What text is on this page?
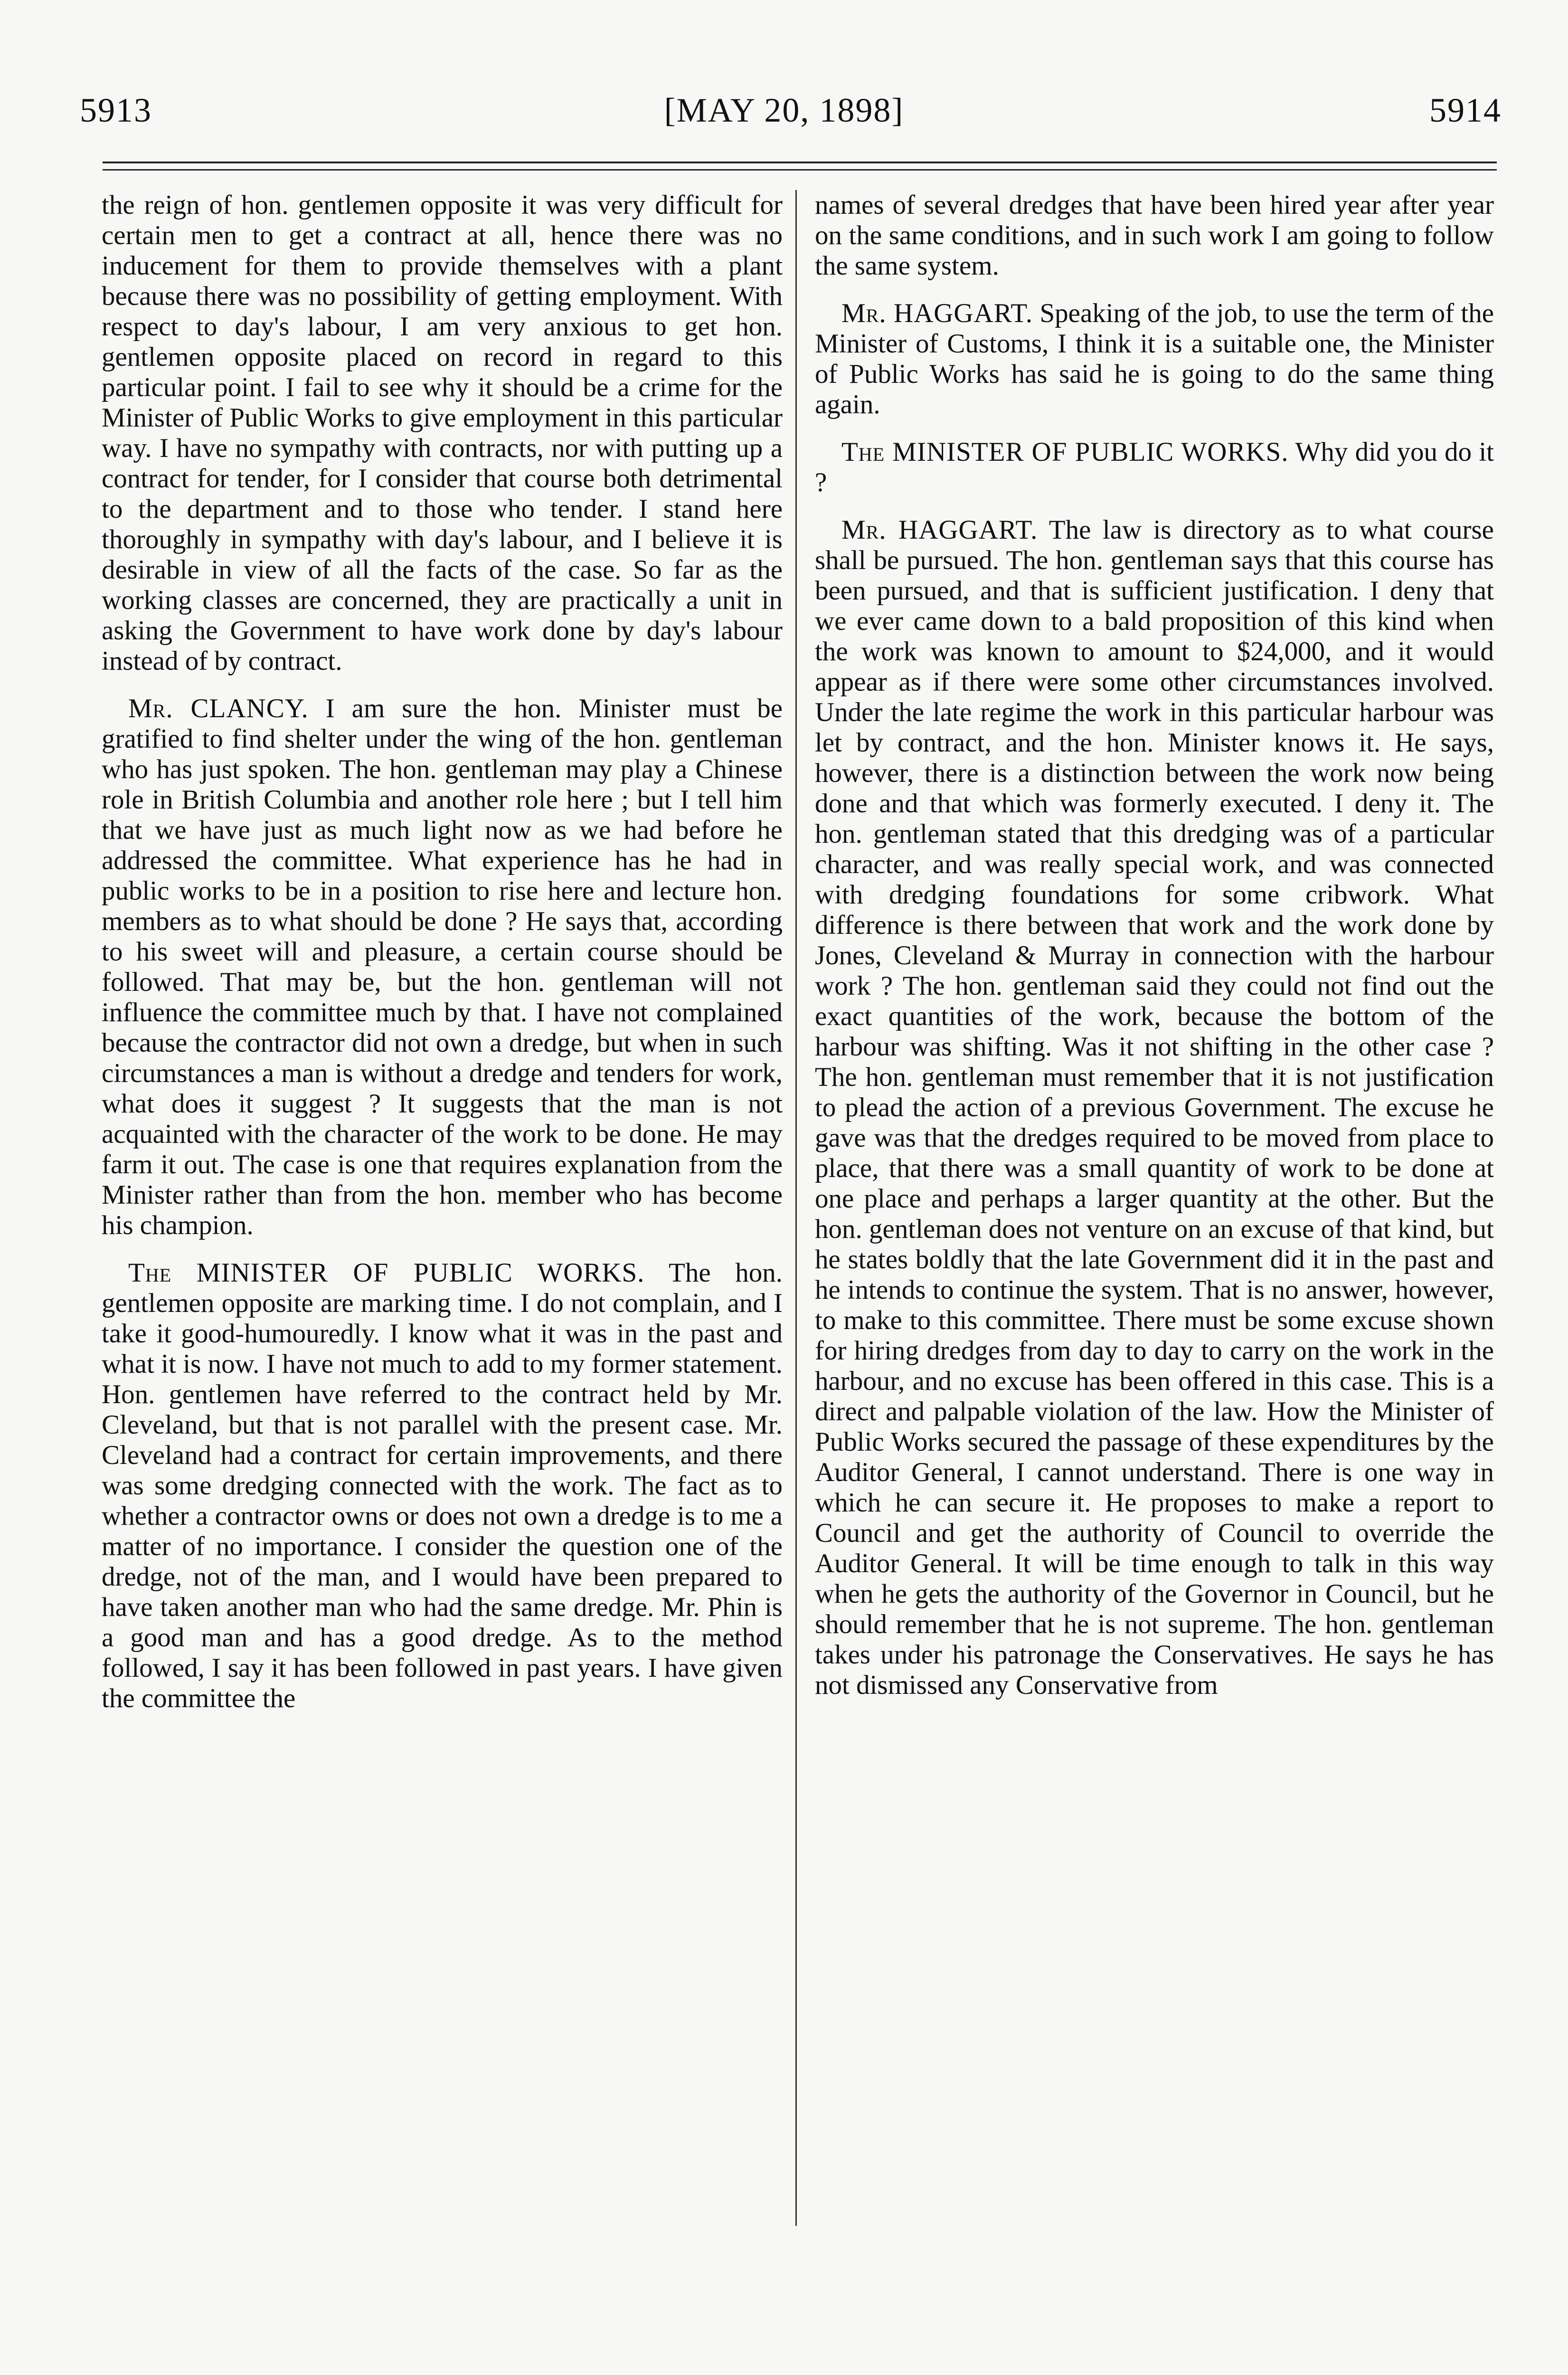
5913	[MAY 20, 1898]	5914

the reign of hon. gentlemen opposite it was very difficult for certain men to get a contract at all, hence there was no inducement for them to provide themselves with a plant because there was no possibility of getting employment. With respect to day's labour, I am very anxious to get hon. gentlemen opposite placed on record in regard to this particular point. I fail to see why it should be a crime for the Minister of Public Works to give employment in this particular way. I have no sympathy with contracts, nor with putting up a contract for tender, for I consider that course both detrimental to the department and to those who tender. I stand here thoroughly in sympathy with day's labour, and I believe it is desirable in view of all the facts of the case. So far as the working classes are concerned, they are practically a unit in asking the Government to have work done by day's labour instead of by contract.

Mr. CLANCY. I am sure the hon. Minister must be gratified to find shelter under the wing of the hon. gentleman who has just spoken. The hon. gentleman may play a Chinese role in British Columbia and another role here ; but I tell him that we have just as much light now as we had before he addressed the committee. What experience has he had in public works to be in a position to rise here and lecture hon. members as to what should be done ? He says that, according to his sweet will and pleasure, a certain course should be followed. That may be, but the hon. gentleman will not influence the committee much by that. I have not complained because the contractor did not own a dredge, but when in such circumstances a man is without a dredge and tenders for work, what does it suggest ? It suggests that the man is not acquainted with the character of the work to be done. He may farm it out. The case is one that requires explanation from the Minister rather than from the hon. member who has become his champion.

The MINISTER OF PUBLIC WORKS. The hon. gentlemen opposite are marking time. I do not complain, and I take it good-humouredly. I know what it was in the past and what it is now. I have not much to add to my former statement. Hon. gentlemen have referred to the contract held by Mr. Cleveland, but that is not parallel with the present case. Mr. Cleveland had a contract for certain improvements, and there was some dredging connected with the work. The fact as to whether a contractor owns or does not own a dredge is to me a matter of no importance. I consider the question one of the dredge, not of the man, and I would have been prepared to have taken another man who had the same dredge. Mr. Phin is a good man and has a good dredge. As to the method followed, I say it has been followed in past years. I have given the committee the

names of several dredges that have been hired year after year on the same conditions, and in such work I am going to follow the same system.

Mr. HAGGART. Speaking of the job, to use the term of the Minister of Customs, I think it is a suitable one, the Minister of Public Works has said he is going to do the same thing again.

The MINISTER OF PUBLIC WORKS. Why did you do it ?

Mr. HAGGART. The law is directory as to what course shall be pursued. The hon. gentleman says that this course has been pursued, and that is sufficient justification. I deny that we ever came down to a bald proposition of this kind when the work was known to amount to $24,000, and it would appear as if there were some other circumstances involved. Under the late regime the work in this particular harbour was let by contract, and the hon. Minister knows it. He says, however, there is a distinction between the work now being done and that which was formerly executed. I deny it. The hon. gentleman stated that this dredging was of a particular character, and was really special work, and was connected with dredging foundations for some cribwork. What difference is there between that work and the work done by Jones, Cleveland & Murray in connection with the harbour work ? The hon. gentleman said they could not find out the exact quantities of the work, because the bottom of the harbour was shifting. Was it not shifting in the other case ? The hon. gentleman must remember that it is not justification to plead the action of a previous Government. The excuse he gave was that the dredges required to be moved from place to place, that there was a small quantity of work to be done at one place and perhaps a larger quantity at the other. But the hon. gentleman does not venture on an excuse of that kind, but he states boldly that the late Government did it in the past and he intends to continue the system. That is no answer, however, to make to this committee. There must be some excuse shown for hiring dredges from day to day to carry on the work in the harbour, and no excuse has been offered in this case. This is a direct and palpable violation of the law. How the Minister of Public Works secured the passage of these expenditures by the Auditor General, I cannot understand. There is one way in which he can secure it. He proposes to make a report to Council and get the authority of Council to override the Auditor General. It will be time enough to talk in this way when he gets the authority of the Governor in Council, but he should remember that he is not supreme. The hon. gentleman takes under his patronage the Conservatives. He says he has not dismissed any Conservative from
